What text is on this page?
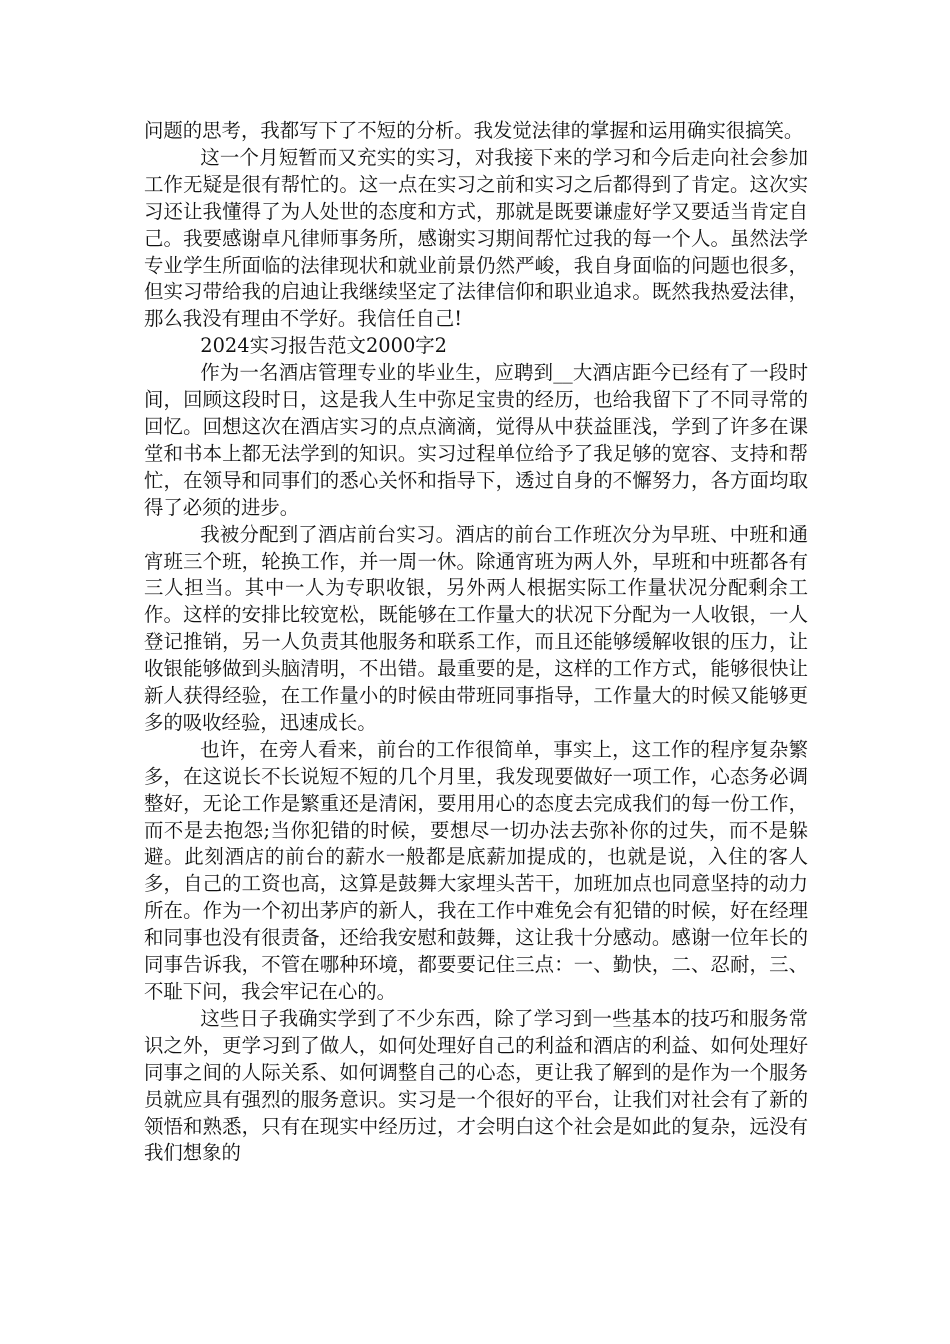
问题的思考，我都写下了不短的分析。我发觉法律的掌握和运用确实很搞笑。

这一个月短暂而又充实的实习，对我接下来的学习和今后走向社会参加工作无疑是很有帮忙的。这一点在实习之前和实习之后都得到了肯定。这次实习还让我懂得了为人处世的态度和方式，那就是既要谦虚好学又要适当肯定自己。我要感谢卓凡律师事务所，感谢实习期间帮忙过我的每一个人。虽然法学专业学生所面临的法律现状和就业前景仍然严峻，我自身面临的问题也很多，但实习带给我的启迪让我继续坚定了法律信仰和职业追求。既然我热爱法律，那么我没有理由不学好。我信任自己!

2024实习报告范文2000字2

作为一名酒店管理专业的毕业生，应聘到__大酒店距今已经有了一段时间，回顾这段时日，这是我人生中弥足宝贵的经历，也给我留下了不同寻常的回忆。回想这次在酒店实习的点点滴滴，觉得从中获益匪浅，学到了许多在课堂和书本上都无法学到的知识。实习过程单位给予了我足够的宽容、支持和帮忙，在领导和同事们的悉心关怀和指导下，透过自身的不懈努力，各方面均取得了必须的进步。

我被分配到了酒店前台实习。酒店的前台工作班次分为早班、中班和通宵班三个班，轮换工作，并一周一休。除通宵班为两人外，早班和中班都各有三人担当。其中一人为专职收银，另外两人根据实际工作量状况分配剩余工作。这样的安排比较宽松，既能够在工作量大的状况下分配为一人收银，一人登记推销，另一人负责其他服务和联系工作，而且还能够缓解收银的压力，让收银能够做到头脑清明，不出错。最重要的是，这样的工作方式，能够很快让新人获得经验，在工作量小的时候由带班同事指导，工作量大的时候又能够更多的吸收经验，迅速成长。

也许，在旁人看来，前台的工作很简单，事实上，这工作的程序复杂繁多，在这说长不长说短不短的几个月里，我发现要做好一项工作，心态务必调整好，无论工作是繁重还是清闲，要用用心的态度去完成我们的每一份工作，而不是去抱怨;当你犯错的时候，要想尽一切办法去弥补你的过失，而不是躲避。此刻酒店的前台的薪水一般都是底薪加提成的，也就是说，入住的客人多，自己的工资也高，这算是鼓舞大家埋头苦干，加班加点也同意坚持的动力所在。作为一个初出茅庐的新人，我在工作中难免会有犯错的时候，好在经理和同事也没有很责备，还给我安慰和鼓舞，这让我十分感动。感谢一位年长的同事告诉我，不管在哪种环境，都要要记住三点：一、勤快，二、忍耐，三、不耻下问，我会牢记在心的。

这些日子我确实学到了不少东西，除了学习到一些基本的技巧和服务常识之外，更学习到了做人，如何处理好自己的利益和酒店的利益、如何处理好同事之间的人际关系、如何调整自己的心态，更让我了解到的是作为一个服务员就应具有强烈的服务意识。实习是一个很好的平台，让我们对社会有了新的领悟和熟悉，只有在现实中经历过，才会明白这个社会是如此的复杂，远没有我们想象的
